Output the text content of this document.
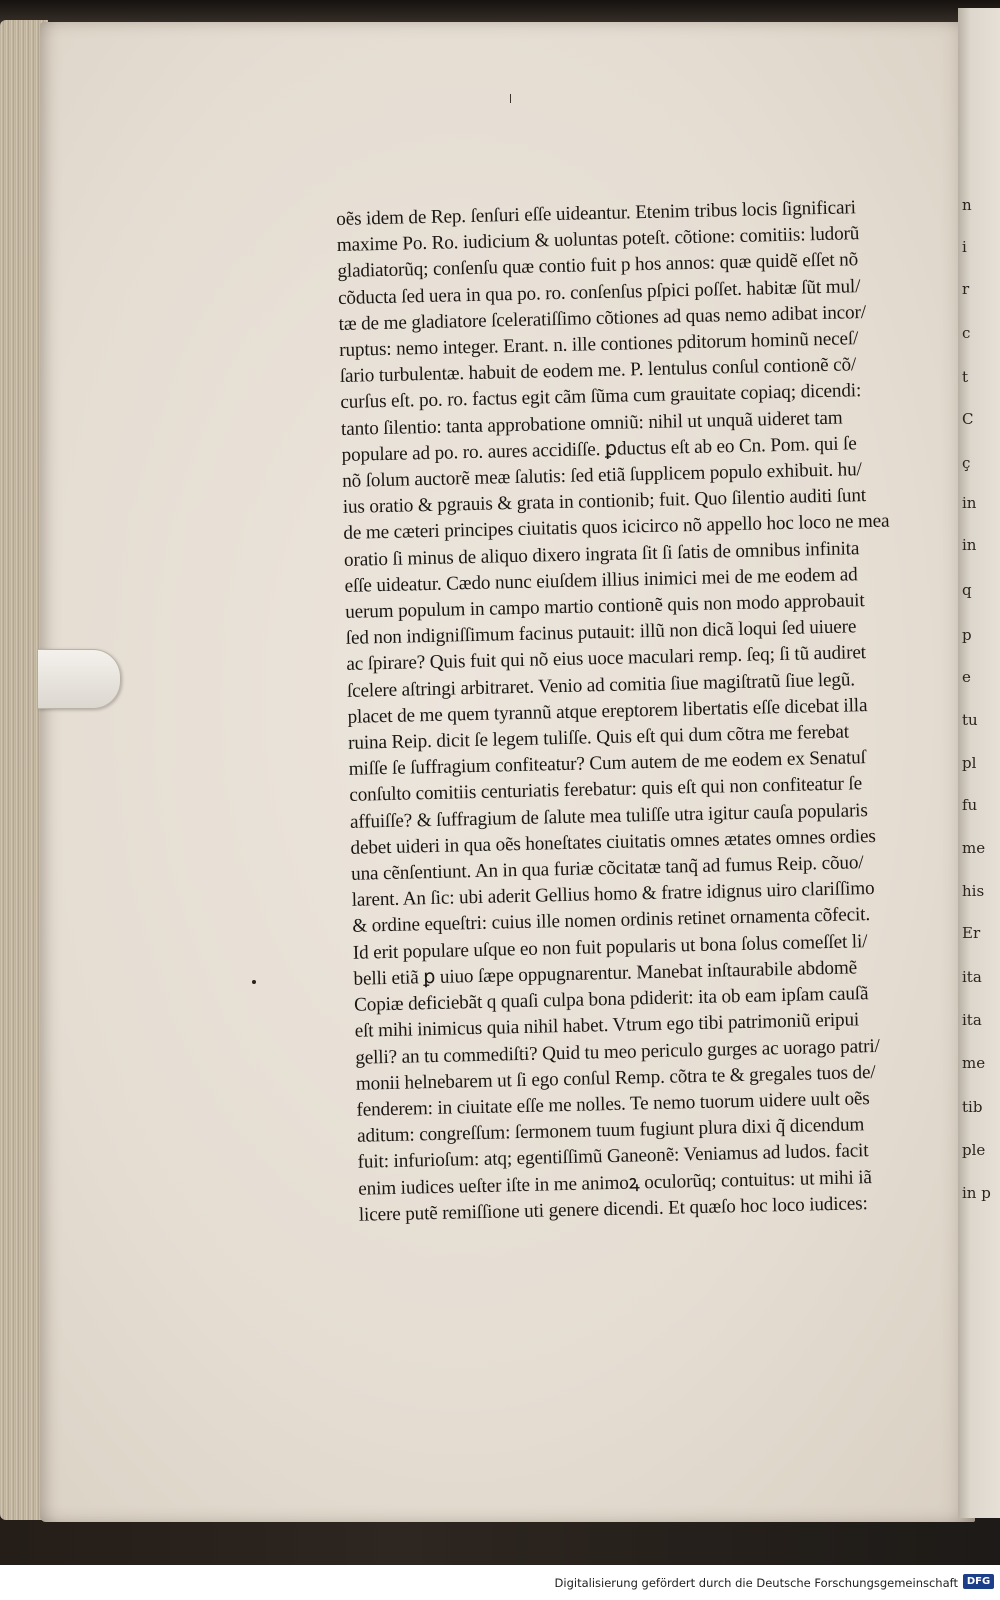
oẽs idem de Rep. ſenſuri eſſe uideantur. Etenim tribus locis ſignificari
maxime Po. Ro. iudicium & uoluntas poteſt. cõtione: comitiis: ludorũ
gladiatorũq; conſenſu quæ contio fuit p hos annos: quæ quidẽ eſſet nõ
cõducta ſed uera in qua po. ro. conſenſus pſpici poſſet. habitæ ſũt mul/
tæ de me gladiatore ſceleratiſſimo cõtiones ad quas nemo adibat incor/
ruptus: nemo integer. Erant. n. ille contiones pditorum hominũ neceſ/
ſario turbulentæ. habuit de eodem me. P. lentulus conſul contionẽ cõ/
curſus eſt. po. ro. factus egit cãm ſũma cum grauitate copiaq; dicendi:
tanto ſilentio: tanta approbatione omniũ: nihil ut unquã uideret tam
populare ad po. ro. aures accidiſſe. ꝑductus eſt ab eo Cn. Pom. qui ſe
nõ ſolum auctorẽ meæ ſalutis: ſed etiã ſupplicem populo exhibuit. hu/
ius oratio & pgrauis & grata in contionib; fuit. Quo ſilentio auditi ſunt
de me cæteri principes ciuitatis quos icicirco nõ appello hoc loco ne mea
oratio ſi minus de aliquo dixero ingrata ſit ſi ſatis de omnibus infinita
eſſe uideatur. Cædo nunc eiuſdem illius inimici mei de me eodem ad
uerum populum in campo martio contionẽ quis non modo approbauit
ſed non indigniſſimum facinus putauit: illũ non dicã loqui ſed uiuere
ac ſpirare? Quis fuit qui nõ eius uoce maculari remp. ſeq; ſi tũ audiret
ſcelere aſtringi arbitraret. Venio ad comitia ſiue magiſtratũ ſiue legũ.
placet de me quem tyrannũ atque ereptorem libertatis eſſe dicebat illa
ruina Reip. dicit ſe legem tuliſſe. Quis eſt qui dum cõtra me ferebat
miſſe ſe ſuffragium confiteatur? Cum autem de me eodem ex Senatuſ
conſulto comitiis centuriatis ferebatur: quis eſt qui non confiteatur ſe
affuiſſe? & ſuffragium de ſalute mea tuliſſe utra igitur cauſa popularis
debet uideri in qua oẽs honeſtates ciuitatis omnes ætates omnes ordies
una cẽnſentiunt. An in qua furiæ cõcitatæ tanq̃ ad fumus Reip. cõuo/
larent. An ſic: ubi aderit Gellius homo & fratre idignus uiro clariſſimo
& ordine equeſtri: cuius ille nomen ordinis retinet ornamenta cõfecit.
Id erit populare uſque eo non fuit popularis ut bona ſolus comeſſet li/
belli etiã ꝑ uiuo ſæpe oppugnarentur. Manebat inſtaurabile abdomẽ
Copiæ deficiebãt q quaſi culpa bona pdiderit: ita ob eam ipſam cauſã
eſt mihi inimicus quia nihil habet. Vtrum ego tibi patrimoniũ eripui
gelli? an tu commediſti? Quid tu meo periculo gurges ac uorago patri/
monii helnebarem ut ſi ego conſul Remp. cõtra te & gregales tuos de/
fenderem: in ciuitate eſſe me nolles. Te nemo tuorum uidere uult oẽs
aditum: congreſſum: ſermonem tuum fugiunt plura dixi q̃ dicendum
fuit: infurioſum: atq; egentiſſimũ Ganeonẽ: Veniamus ad ludos. facit
enim iudices ueſter iſte in me animoꝝ oculorũq; contuitus: ut mihi iã
licere putẽ remiſſione uti genere dicendi. Et quæſo hoc loco iudices:
n
i
r
c
t
C
ç
in
in
q
p
e
tu
pl
fu
me
his
Er
ita
ita
me
tib
ple
in p
Digitalisierung gefördert durch die Deutsche Forschungsgemeinschaft DFG
